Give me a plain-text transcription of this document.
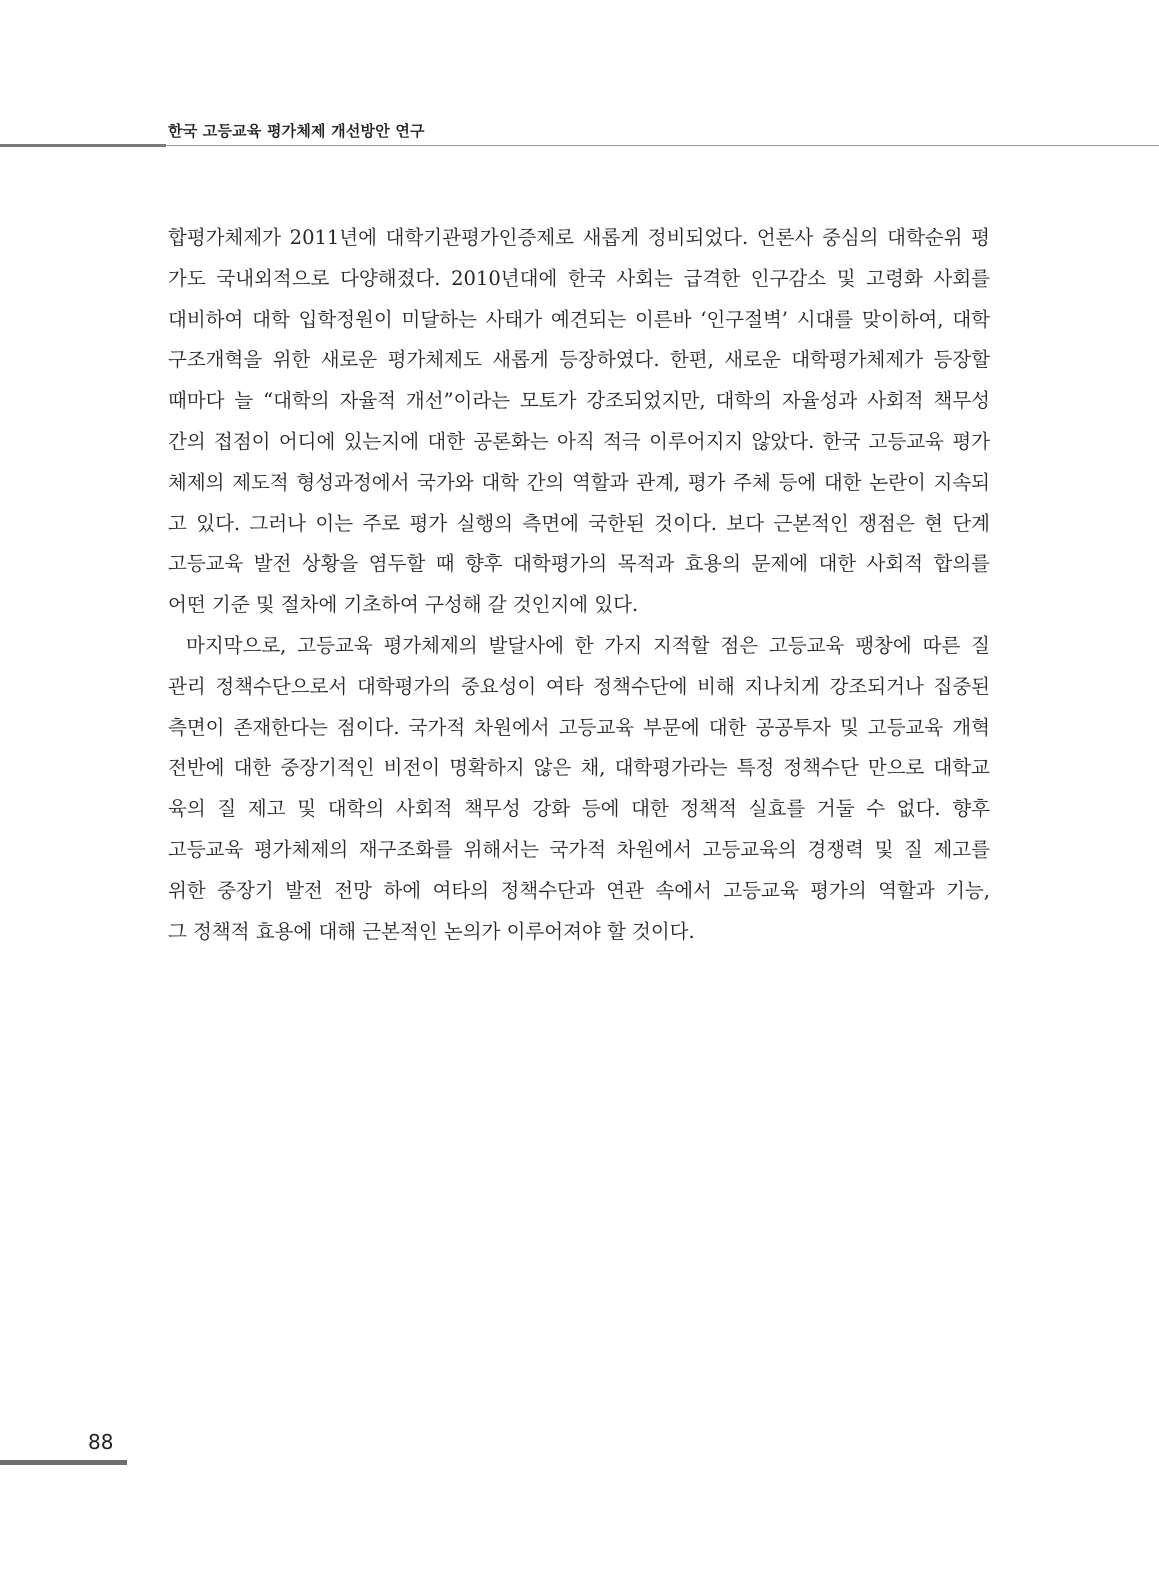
한국 고등교육 평가체제 개선방안 연구
합평가체제가 2011년에 대학기관평가인증제로 새롭게 정비되었다. 언론사 중심의 대학순위 평
가도 국내외적으로 다양해졌다. 2010년대에 한국 사회는 급격한 인구감소 및 고령화 사회를
대비하여 대학 입학정원이 미달하는 사태가 예견되는 이른바 ‘인구절벽’ 시대를 맞이하여, 대학
구조개혁을 위한 새로운 평가체제도 새롭게 등장하였다. 한편, 새로운 대학평가체제가 등장할
때마다 늘 “대학의 자율적 개선”이라는 모토가 강조되었지만, 대학의 자율성과 사회적 책무성
간의 접점이 어디에 있는지에 대한 공론화는 아직 적극 이루어지지 않았다. 한국 고등교육 평가
체제의 제도적 형성과정에서 국가와 대학 간의 역할과 관계, 평가 주체 등에 대한 논란이 지속되
고 있다. 그러나 이는 주로 평가 실행의 측면에 국한된 것이다. 보다 근본적인 쟁점은 현 단계
고등교육 발전 상황을 염두할 때 향후 대학평가의 목적과 효용의 문제에 대한 사회적 합의를
어떤 기준 및 절차에 기초하여 구성해 갈 것인지에 있다.
마지막으로, 고등교육 평가체제의 발달사에 한 가지 지적할 점은 고등교육 팽창에 따른 질
관리 정책수단으로서 대학평가의 중요성이 여타 정책수단에 비해 지나치게 강조되거나 집중된
측면이 존재한다는 점이다. 국가적 차원에서 고등교육 부문에 대한 공공투자 및 고등교육 개혁
전반에 대한 중장기적인 비전이 명확하지 않은 채, 대학평가라는 특정 정책수단 만으로 대학교
육의 질 제고 및 대학의 사회적 책무성 강화 등에 대한 정책적 실효를 거둘 수 없다. 향후
고등교육 평가체제의 재구조화를 위해서는 국가적 차원에서 고등교육의 경쟁력 및 질 제고를
위한 중장기 발전 전망 하에 여타의 정책수단과 연관 속에서 고등교육 평가의 역할과 기능,
그 정책적 효용에 대해 근본적인 논의가 이루어져야 할 것이다.
88
